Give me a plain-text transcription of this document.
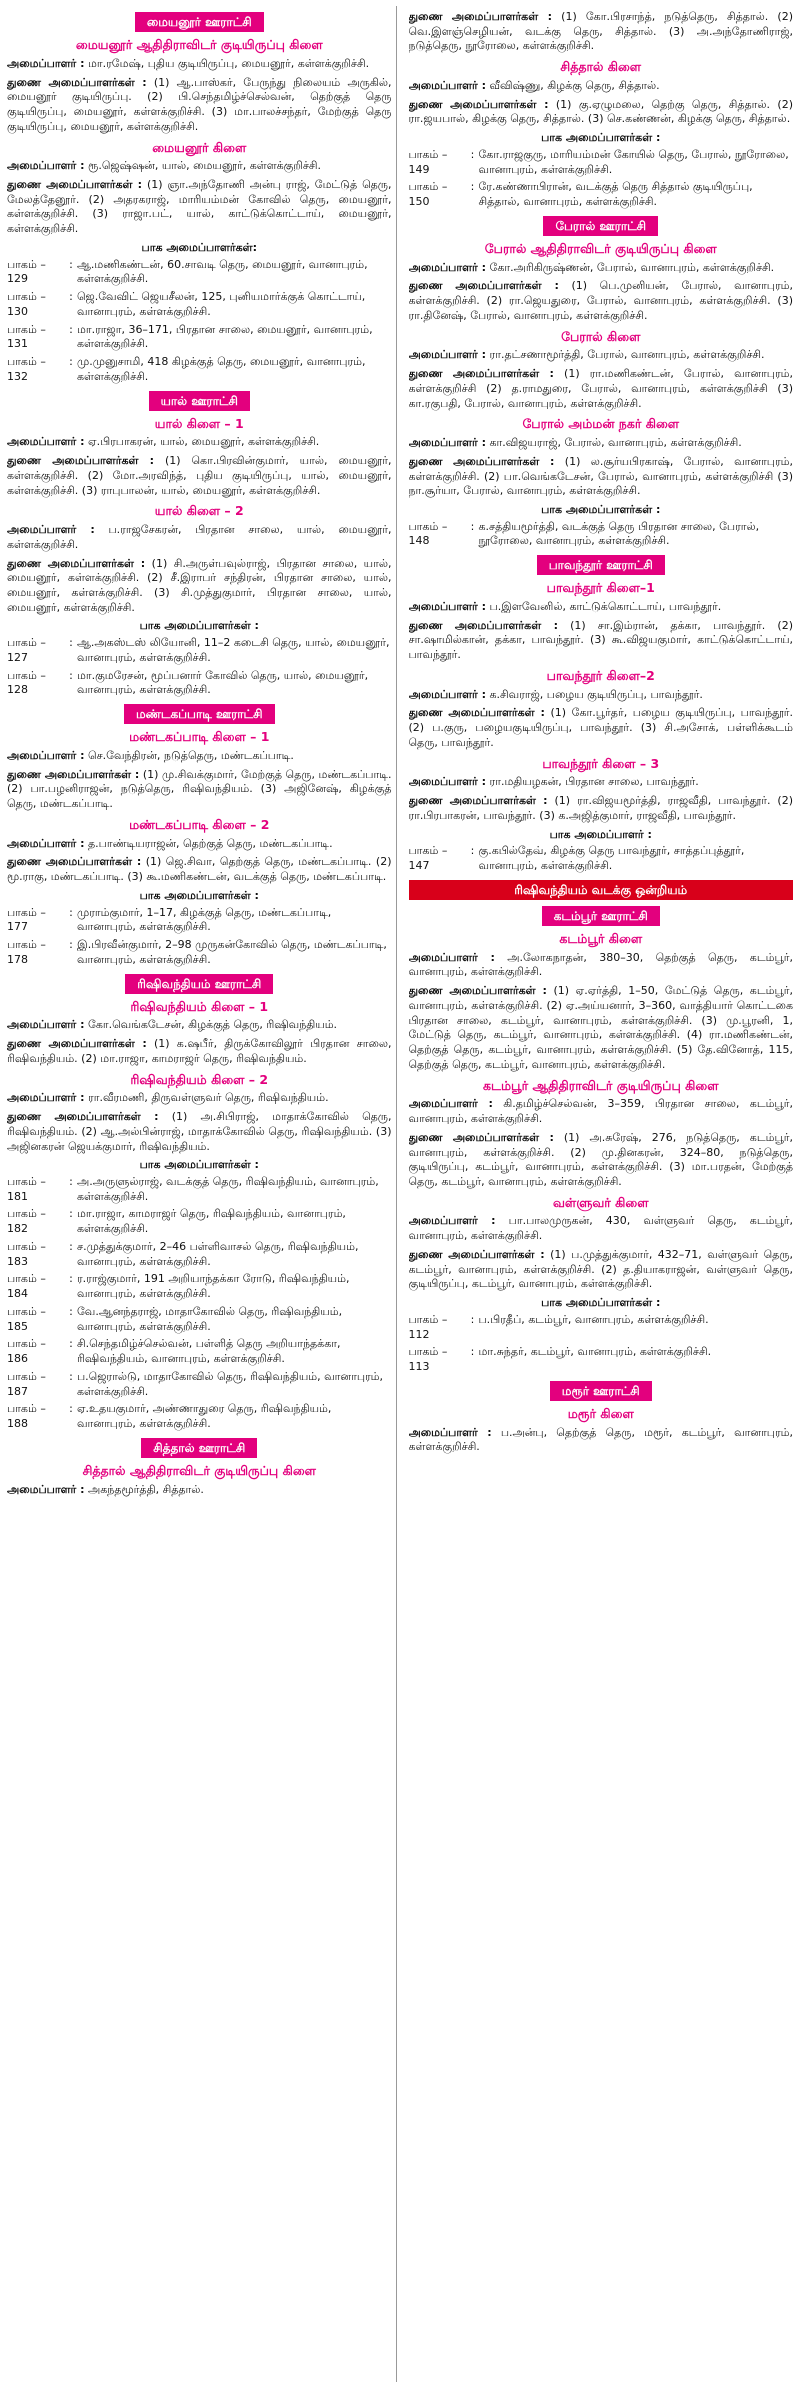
மையனூர் ஊராட்சி
மையனூர் ஆதிதிராவிடர் குடியிருப்பு கிளை
அமைப்பாளர் : மா.ரமேஷ், புதிய குடியிருப்பு, மையனூர், கள்ளக்குறிச்சி.
துணை அமைப்பாளர்கள் : (1) ஆ.பாஸ்கர், பேருந்து நிலையம் அருகில், மையனூர் குடியிருப்பு. (2) பி.செந்தமிழ்ச்செல்வன், தெற்குத் தெரு குடியிருப்பு, மையனூர், கள்ளக்குறிச்சி. (3) மா.பாலச்சந்தர், மேற்குத் தெரு குடியிருப்பு, மையனூர், கள்ளக்குறிச்சி.
மையனூர் கிளை
அமைப்பாளர் : ரூ.ஜெஷ்ஷன், யால், மையனூர், கள்ளக்குறிச்சி.
துணை அமைப்பாளர்கள் : (1) ஞா.அந்தோணி அன்பு ராஜ், மேட்டுத் தெரு, மேலத்தேனூர். (2) அதரகராஜ், மாரியம்மன் கோவில் தெரு, மையனூர், கள்ளக்குறிச்சி. (3) ராஜா.பட், யால், காட்டுக்கொட்டாய், மையனூர், கள்ளக்குறிச்சி.
பாக அமைப்பாளர்கள்:
பாகம் – 129
: ஆ.மணிகண்டன், 60.சாவடி தெரு, மையனூர், வானாபுரம், கள்ளக்குறிச்சி.
பாகம் – 130
: ஜெ.வேவிட் ஜெயசீலன், 125, புனியமார்க்குக் கொட்டாய், வானாபுரம், கள்ளக்குறிச்சி.
பாகம் – 131
: மா.ராஜா, 36–171, பிரதான சாலை, மையனூர், வானாபுரம், கள்ளக்குறிச்சி.
பாகம் – 132
: மு.முனுசாமி, 418 கிழக்குத் தெரு, மையனூர், வானாபுரம், கள்ளக்குறிச்சி.
யால் ஊராட்சி
யால் கிளை – 1
அமைப்பாளர் : ஏ.பிரபாகரன், யால், மையனூர், கள்ளக்குறிச்சி.
துணை அமைப்பாளர்கள் : (1) கொ.பிரவின்குமார், யால், மையனூர், கள்ளக்குறிச்சி. (2) மோ.அரவிந்த், புதிய குடியிருப்பு, யால், மையனூர், கள்ளக்குறிச்சி. (3) ராபுபாலன், யால், மையனூர், கள்ளக்குறிச்சி.
யால் கிளை – 2
அமைப்பாளர் : ப.ராஜசேகரன், பிரதான சாலை, யால், மையனூர், கள்ளக்குறிச்சி.
துணை அமைப்பாளர்கள் : (1) சி.அருள்பவுல்ராஜ், பிரதான சாலை, யால், மையனூர், கள்ளக்குறிச்சி. (2) சீ.இராபர் சந்திரன், பிரதான சாலை, யால், மையனூர், கள்ளக்குறிச்சி. (3) சி.முத்துகுமார், பிரதான சாலை, யால், மையனூர், கள்ளக்குறிச்சி.
பாக அமைப்பாளர்கள் :
பாகம் – 127
: ஆ.அகஸ்டஸ் லியோனி, 11–2 கடைசி தெரு, யால், மையனூர், வானாபுரம், கள்ளக்குறிச்சி.
பாகம் – 128
: மா.குமரேசன், மூப்பனார் கோவில் தெரு, யால், மையனூர், வானாபுரம், கள்ளக்குறிச்சி.
மண்டகப்பாடி ஊராட்சி
மண்டகப்பாடி கிளை – 1
அமைப்பாளர் : செ.வேந்திரன், நடுத்தெரு, மண்டகப்பாடி.
துணை அமைப்பாளர்கள் : (1) மு.சிவக்குமார், மேற்குத் தெரு, மண்டகப்பாடி. (2) பா.பழனிராஜன், நடுத்தெரு, ரிஷிவந்தியம். (3) அஜினேஷ், கிழக்குத் தெரு, மண்டகப்பாடி.
மண்டகப்பாடி கிளை – 2
அமைப்பாளர் : த.பாண்டியராஜன், தெற்குத் தெரு, மண்டகப்பாடி.
துணை அமைப்பாளர்கள் : (1) ஜெ.சிவா, தெற்குத் தெரு, மண்டகப்பாடி. (2) மூ.ராகு, மண்டகப்பாடி. (3) கூ.மணிகண்டன், வடக்குத் தெரு, மண்டகப்பாடி.
பாக அமைப்பாளர்கள் :
பாகம் – 177
: முராம்குமார், 1–17, கிழக்குத் தெரு, மண்டகப்பாடி, வானாபுரம், கள்ளக்குறிச்சி.
பாகம் – 178
: இ.பிரவீன்குமார், 2–98 முருகன்கோவில் தெரு, மண்டகப்பாடி, வானாபுரம், கள்ளக்குறிச்சி.
ரிஷிவந்தியம் ஊராட்சி
ரிஷிவந்தியம் கிளை – 1
அமைப்பாளர் : கோ.வெங்கடேசன், கிழக்குத் தெரு, ரிஷிவந்தியம்.
துணை அமைப்பாளர்கள் : (1) க.ஷபீர், திருக்கோவிலூர் பிரதான சாலை, ரிஷிவந்தியம். (2) மா.ராஜா, காமராஜர் தெரு, ரிஷிவந்தியம்.
ரிஷிவந்தியம் கிளை – 2
அமைப்பாளர் : ரா.வீரமணி, திருவள்ளுவர் தெரு, ரிஷிவந்தியம்.
துணை அமைப்பாளர்கள் : (1) அ.சிபிராஜ், மாதாக்கோவில் தெரு, ரிஷிவந்தியம். (2) ஆ.அல்பின்ராஜ், மாதாக்கோவில் தெரு, ரிஷிவந்தியம். (3) அஜினகரன் ஜெயக்குமார், ரிஷிவந்தியம்.
பாக அமைப்பாளர்கள் :
பாகம் – 181
: அ.அருளுல்ராஜ், வடக்குத் தெரு, ரிஷிவந்தியம், வானாபுரம், கள்ளக்குறிச்சி.
பாகம் – 182
: மா.ராஜா, காமராஜர் தெரு, ரிஷிவந்தியம், வானாபுரம், கள்ளக்குறிச்சி.
பாகம் – 183
: ச.முத்துக்குமார், 2–46 பள்ளிவாசல் தெரு, ரிஷிவந்தியம், வானாபுரம், கள்ளக்குறிச்சி.
பாகம் – 184
: ர.ராஜ்குமார், 191 அறியாந்தக்கா ரோடு, ரிஷிவந்தியம், வானாபுரம், கள்ளக்குறிச்சி.
பாகம் – 185
: வே.ஆனந்தராஜ், மாதாகோவில் தெரு, ரிஷிவந்தியம், வானாபுரம், கள்ளக்குறிச்சி.
பாகம் – 186
: சி.செந்தமிழ்ச்செல்வன், பள்ளித் தெரு அறியாந்தக்கா, ரிஷிவந்தியம், வானாபுரம், கள்ளக்குறிச்சி.
பாகம் – 187
: ப.ஜெரால்டு, மாதாகோவில் தெரு, ரிஷிவந்தியம், வானாபுரம், கள்ளக்குறிச்சி.
பாகம் – 188
: ஏ.உதயகுமார், அண்ணாதுரை தெரு, ரிஷிவந்தியம், வானாபுரம், கள்ளக்குறிச்சி.
சித்தால் ஊராட்சி
சித்தால் ஆதிதிராவிடர் குடியிருப்பு கிளை
அமைப்பாளர் : அகந்தமூர்த்தி, சித்தால்.
துணை அமைப்பாளர்கள் : (1) கோ.பிரசாந்த், நடுத்தெரு, சித்தால். (2) வெ.இளஞ்செழியன், வடக்கு தெரு, சித்தால். (3) அ.அந்தோணிராஜ், நடுத்தெரு, நூரோலை, கள்ளக்குறிச்சி.
சித்தால் கிளை
அமைப்பாளர் : வீவிஷ்ணு, கிழக்கு தெரு, சித்தால்.
துணை அமைப்பாளர்கள் : (1) கு.ஏழுமலை, தெற்கு தெரு, சித்தால். (2) ரா.ஜயபால், கிழக்கு தெரு, சித்தால். (3) செ.கண்ணன், கிழக்கு தெரு, சித்தால்.
பாக அமைப்பாளர்கள் :
பாகம் – 149
: கோ.ராஜகுரு, மாரியம்மன் கோயில் தெரு, பேரால், நூரோலை, வானாபுரம், கள்ளக்குறிச்சி.
பாகம் – 150
: ரே.கண்ணாபிரான், வடக்குத் தெரு சித்தால் குடியிருப்பு, சித்தால், வானாபுரம், கள்ளக்குறிச்சி.
பேரால் ஊராட்சி
பேரால் ஆதிதிராவிடர் குடியிருப்பு கிளை
அமைப்பாளர் : கோ.அரிகிருஷ்ணன், பேரால், வானாபுரம், கள்ளக்குறிச்சி.
துணை அமைப்பாளர்கள் : (1) பெ.முனியன், பேரால், வானாபுரம், கள்ளக்குறிச்சி. (2) ரா.ஜெயதுரை, பேரால், வானாபுரம், கள்ளக்குறிச்சி. (3) ரா.தினேஷ், பேரால், வானாபுரம், கள்ளக்குறிச்சி.
பேரால் கிளை
அமைப்பாளர் : ரா.தட்சணாமூர்த்தி, பேரால், வானாபுரம், கள்ளக்குறிச்சி.
துணை அமைப்பாளர்கள் : (1) ரா.மணிகண்டன், பேரால், வானாபுரம், கள்ளக்குறிச்சி (2) த.ராமதுரை, பேரால், வானாபுரம், கள்ளக்குறிச்சி (3) கா.ரகுபதி, பேரால், வானாபுரம், கள்ளக்குறிச்சி.
பேரால் அம்மன் நகர் கிளை
அமைப்பாளர் : கா.விஜயராஜ், பேரால், வானாபுரம், கள்ளக்குறிச்சி.
துணை அமைப்பாளர்கள் : (1) ல.சூர்யபிரகாஷ், பேரால், வானாபுரம், கள்ளக்குறிச்சி. (2) பா.வெங்கடேசன், பேரால், வானாபுரம், கள்ளக்குறிச்சி (3) நா.சூர்யா, பேரால், வானாபுரம், கள்ளக்குறிச்சி.
பாக அமைப்பாளர்கள் :
பாகம் – 148
: க.சத்தியமூர்த்தி, வடக்குத் தெரு பிரதான சாலை, பேரால், நூரோலை, வானாபுரம், கள்ளக்குறிச்சி.
பாவந்தூர் ஊராட்சி
பாவந்தூர் கிளை–1
அமைப்பாளர் : ப.இளவேனில், காட்டுக்கொட்டாய், பாவந்தூர்.
துணை அமைப்பாளர்கள் : (1) சா.இம்ரான், தக்கா, பாவந்தூர். (2) சா.ஷாமில்கான், தக்கா, பாவந்தூர். (3) கூ.விஜயகுமார், காட்டுக்கொட்டாய், பாவந்தூர்.
பாவந்தூர் கிளை–2
அமைப்பாளர் : க.சிவராஜ், பழைய குடியிருப்பு, பாவந்தூர்.
துணை அமைப்பாளர்கள் : (1) கோ.பூர்தர், பழைய குடியிருப்பு, பாவந்தூர். (2) ப.குரு, பழையகுடியிருப்பு, பாவந்தூர். (3) சி.அசோக், பள்ளிக்கூடம் தெரு, பாவந்தூர்.
பாவந்தூர் கிளை – 3
அமைப்பாளர் : ரா.மதியழகன், பிரதான சாலை, பாவந்தூர்.
துணை அமைப்பாளர்கள் : (1) ரா.விஜயமூர்த்தி, ராஜவீதி, பாவந்தூர். (2) ரா.பிரபாகரன், பாவந்தூர். (3) க.அஜித்குமார், ராஜவீதி, பாவந்தூர்.
பாக அமைப்பாளர் :
பாகம் – 147
: கு.கபில்தேவ், கிழக்கு தெரு பாவந்தூர், சாத்தப்புத்தூர், வானாபுரம், கள்ளக்குறிச்சி.
ரிஷிவந்தியம் வடக்கு ஒன்றியம்
கடம்பூர் ஊராட்சி
கடம்பூர் கிளை
அமைப்பாளர் : அ.லோகநாதன், 380–30, தெற்குத் தெரு, கடம்பூர், வானாபுரம், கள்ளக்குறிச்சி.
துணை அமைப்பாளர்கள் : (1) ஏ.ஏர்த்தி, 1–50, மேட்டுத் தெரு, கடம்பூர், வானாபுரம், கள்ளக்குறிச்சி. (2) ஏ.அய்யனார், 3–360, வாத்தியார் கொட்டகை பிரதான சாலை, கடம்பூர், வானாபுரம், கள்ளக்குறிச்சி. (3) மு.பூரனி, 1, மேட்டுத் தெரு, கடம்பூர், வானாபுரம், கள்ளக்குறிச்சி. (4) ரா.மணிகண்டன், தெற்குத் தெரு, கடம்பூர், வானாபுரம், கள்ளக்குறிச்சி. (5) தே.வினோத், 115, தெற்குத் தெரு, கடம்பூர், வானாபுரம், கள்ளக்குறிச்சி.
கடம்பூர் ஆதிதிராவிடர் குடியிருப்பு கிளை
அமைப்பாளர் : கி.தமிழ்ச்செல்வன், 3–359, பிரதான சாலை, கடம்பூர், வானாபுரம், கள்ளக்குறிச்சி.
துணை அமைப்பாளர்கள் : (1) அ.சுரேஷ், 276, நடுத்தெரு, கடம்பூர், வானாபுரம், கள்ளக்குறிச்சி. (2) மு.தினகரன், 324–80, நடுத்தெரு, குடியிருப்பு, கடம்பூர், வானாபுரம், கள்ளக்குறிச்சி. (3) மா.பரதன், மேற்குத் தெரு, கடம்பூர், வானாபுரம், கள்ளக்குறிச்சி.
வள்ளுவர் கிளை
அமைப்பாளர் : பா.பாலமுருகன், 430, வள்ளுவர் தெரு, கடம்பூர், வானாபுரம், கள்ளக்குறிச்சி.
துணை அமைப்பாளர்கள் : (1) ப.முத்துக்குமார், 432–71, வள்ளுவர் தெரு, கடம்பூர், வானாபுரம், கள்ளக்குறிச்சி. (2) த.தியாகராஜன், வள்ளுவர் தெரு, குடியிருப்பு, கடம்பூர், வானாபுரம், கள்ளக்குறிச்சி.
பாக அமைப்பாளர்கள் :
பாகம் – 112
: ப.பிரதீப், கடம்பூர், வானாபுரம், கள்ளக்குறிச்சி.
பாகம் – 113
: மா.சுந்தர், கடம்பூர், வானாபுரம், கள்ளக்குறிச்சி.
மரூர் ஊராட்சி
மரூர் கிளை
அமைப்பாளர் : ப.அன்பு, தெற்குத் தெரு, மரூர், கடம்பூர், வானாபுரம், கள்ளக்குறிச்சி.
